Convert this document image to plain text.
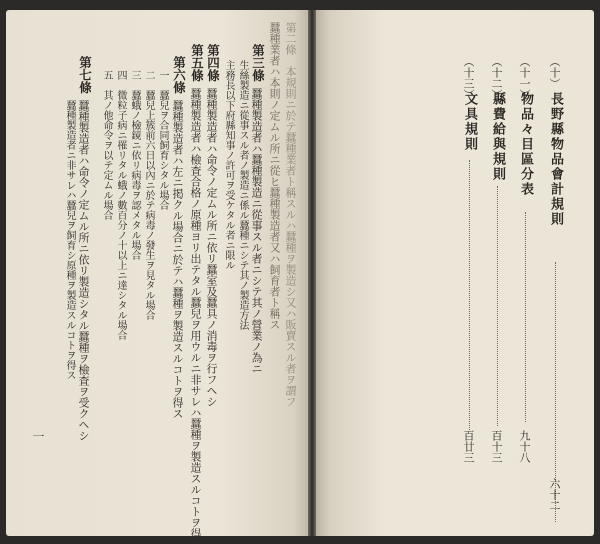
第二條　本規則ニ於テ蠶種業者ト稱スルハ蠶種ヲ製造シ又ハ販賣スル者ヲ謂フ
蠶種業者ハ本則ノ定ムル所ニ從ヒ蠶種製造者又ハ飼育者ト稱ス
第三條
蠶種製造者ハ蠶種製造ニ從事スル者ニシテ其ノ營業ノ為ニ
生絲製造ニ從事スル者ノ製造ニ係ル蠶種ニシテ其ノ製造方法
主務長以下府縣知事ノ許可ヲ受ケタル者ニ限ル
第四條
蠶種製造者ハ命令ノ定ムル所ニ依リ蠶室及蠶具ノ消毒ヲ行フヘシ
第五條
蠶種製造者ハ檢査合格ノ原種ヨリ出テタル蠶兒ヲ用ウルニ非サレハ蠶種ヲ製造スルコトヲ得
第六條
蠶種製造者ハ左ニ掲クル場合ニ於テハ蠶種ヲ製造スルコトヲ得ス
一　蠶兒ヲ合同飼育シタル場合
二　蠶兒上簇前六日以內ニ於テ病毒ノ發生ヲ見タル場合
三　蠶蛾ノ檢鏡ニ依リ病毒ヲ認メタル場合
四　微粒子病ニ罹リタル蛾ノ數百分ノ十以上ニ達シタル場合
五　其ノ他命令ヲ以テ定ムル場合
第七條
蠶種製造者ハ命令ノ定ムル所ニ依リ製造シタル蠶種ヲ檢査ヲ受クヘシ
蠶種製造者ニ非サレハ蠶兒ヲ飼育シ原種ヲ製造スルコトヲ得ス
一
（十）
長野縣物品會計規則
六十二
（十一）
物品々目區分表
九十八
（十二）
縣費給與規則
百十三
（十三）
文具規則
百廿三
